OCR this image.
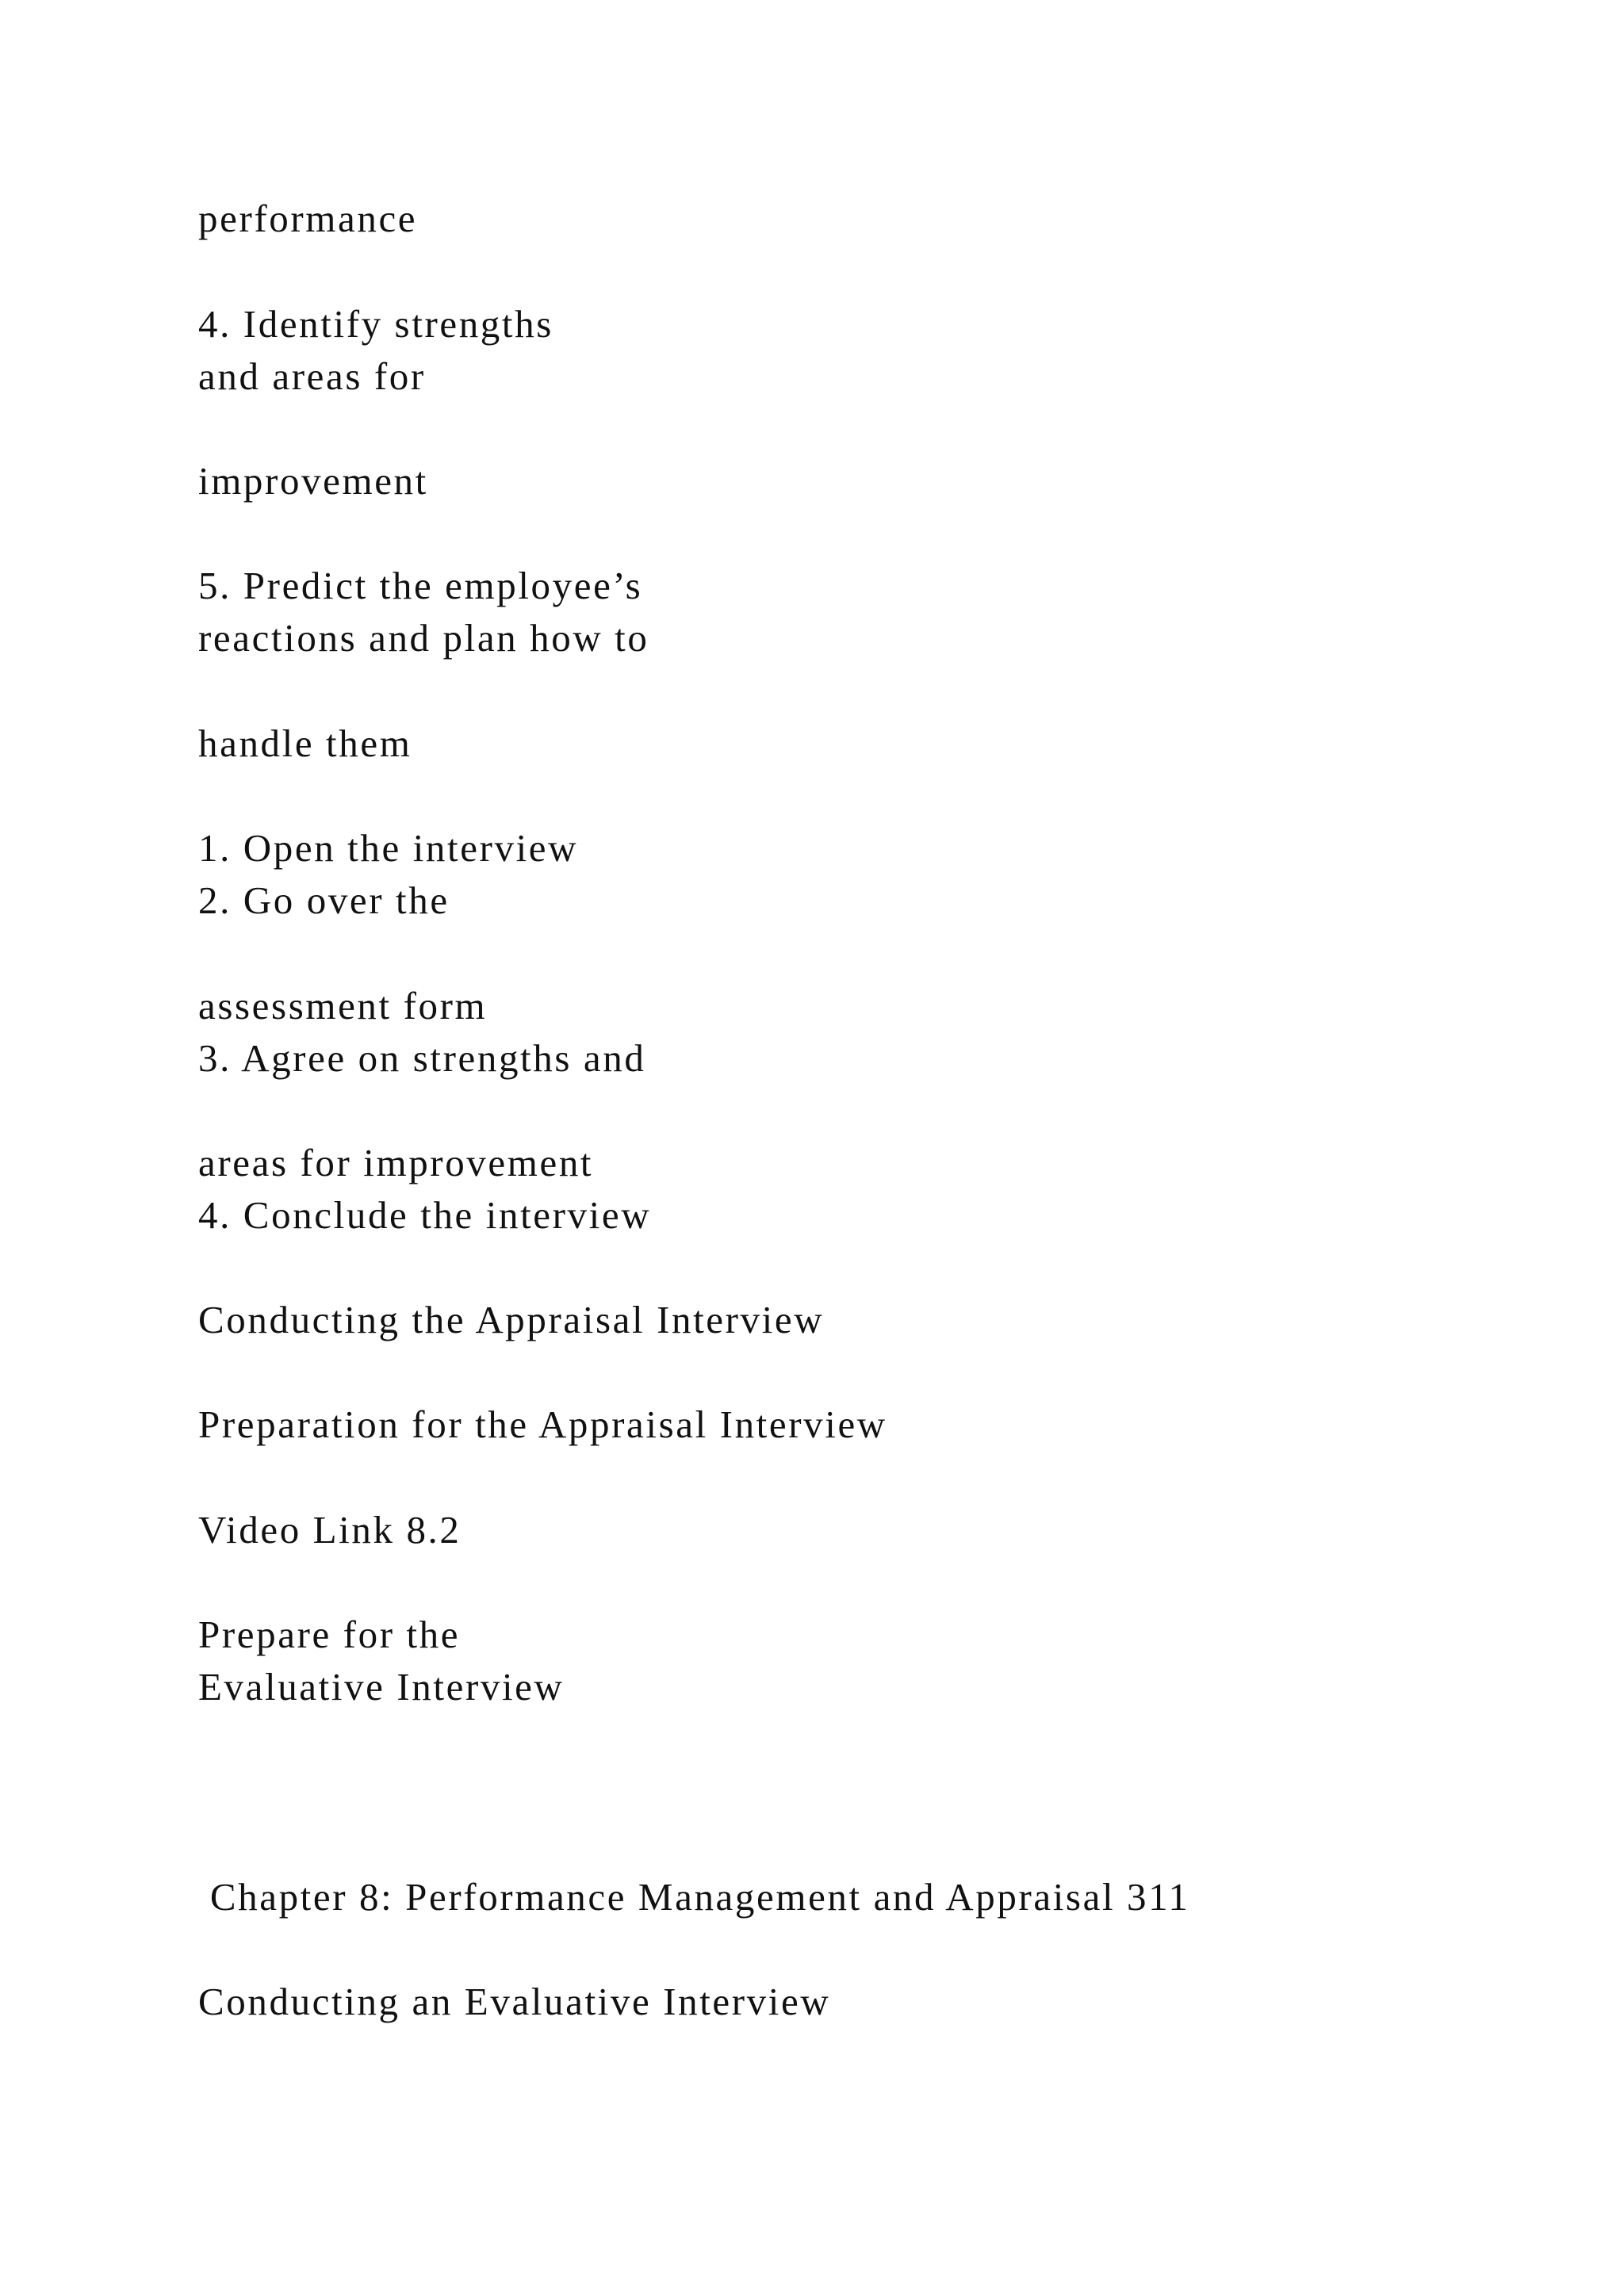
performance

4. Identify strengths

and areas for

improvement

5. Predict the employee’s

reactions and plan how to

handle them

1. Open the interview

2. Go over the

assessment form

3. Agree on strengths and

areas for improvement

4. Conclude the interview

Conducting the Appraisal Interview

Preparation for the Appraisal Interview

Video Link 8.2

Prepare for the

Evaluative Interview

Chapter 8: Performance Management and Appraisal 311

Conducting an Evaluative Interview
